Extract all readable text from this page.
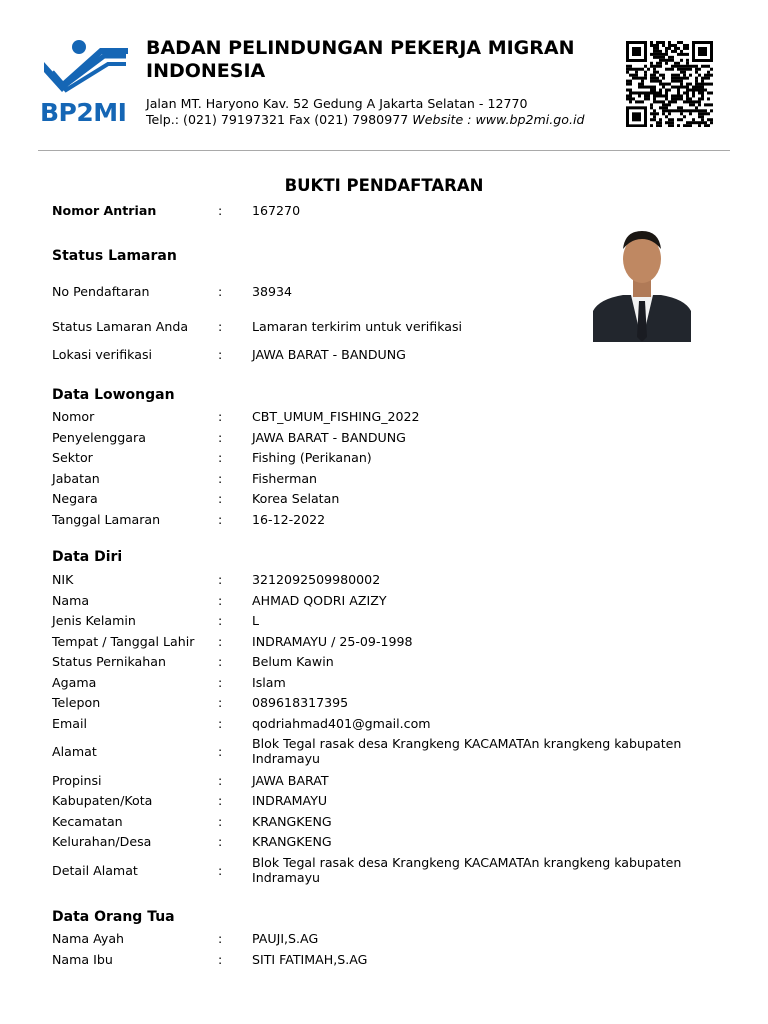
BP2MI
BADAN PELINDUNGAN PEKERJA MIGRAN
INDONESIA
Jalan MT. Haryono Kav. 52 Gedung A Jakarta Selatan - 12770
Telp.: (021) 79197321 Fax (021) 7980977 Website : www.bp2mi.go.id
BUKTI PENDAFTARAN
Nomor Antrian	: 167270
Status Lamaran
No Pendaftaran	: 38934
Status Lamaran Anda	: Lamaran terkirim untuk verifikasi
Lokasi verifikasi	: JAWA BARAT - BANDUNG
Data Lowongan
Nomor	: CBT_UMUM_FISHING_2022
Penyelenggara	: JAWA BARAT - BANDUNG
Sektor	: Fishing (Perikanan)
Jabatan	: Fisherman
Negara	: Korea Selatan
Tanggal Lamaran	: 16-12-2022
Data Diri
NIK	: 3212092509980002
Nama	: AHMAD QODRI AZIZY
Jenis Kelamin	: L
Tempat / Tanggal Lahir	: INDRAMAYU / 25-09-1998
Status Pernikahan	: Belum Kawin
Agama	: Islam
Telepon	: 089618317395
Email	: qodriahmad401@gmail.com
Alamat	:
Blok Tegal rasak desa Krangkeng KACAMATAn krangkeng kabupaten Indramayu
Propinsi	: JAWA BARAT
Kabupaten/Kota	: INDRAMAYU
Kecamatan	: KRANGKENG
Kelurahan/Desa	: KRANGKENG
Detail Alamat	:
Blok Tegal rasak desa Krangkeng KACAMATAn krangkeng kabupaten Indramayu
Data Orang Tua
Nama Ayah	: PAUJI,S.AG
Nama Ibu	: SITI FATIMAH,S.AG
